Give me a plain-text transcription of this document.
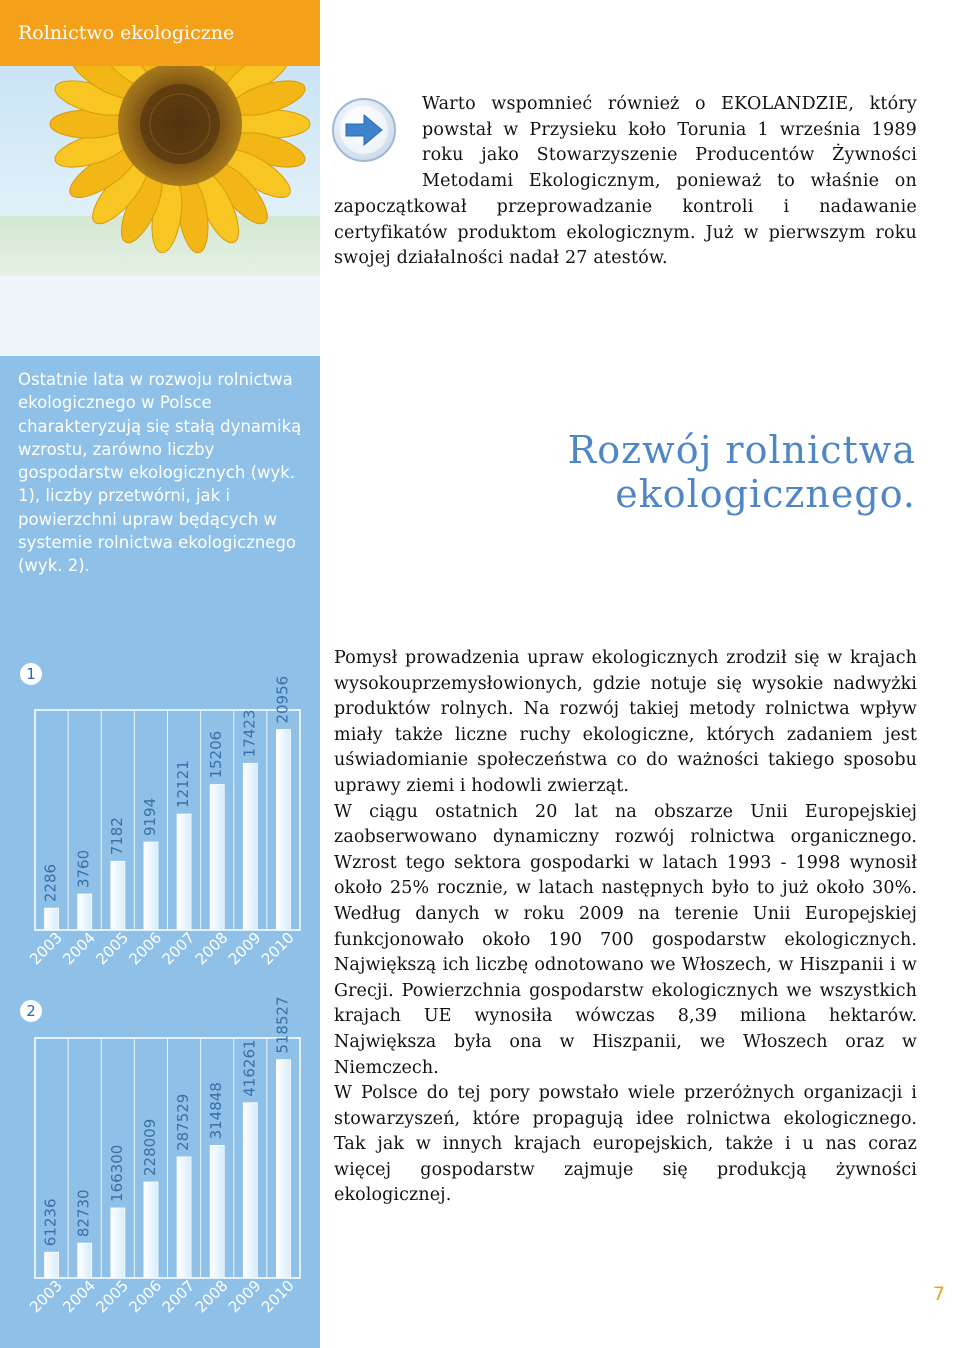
Rolnictwo ekologiczne
Ostatnie lata w rozwoju rolnictwa ekologicznego w Polsce charakteryzują się stałą dynamiką wzrostu, zarówno liczby gospodarstw ekologicznych (wyk. 1), liczby przetwórni, jak i powierzchni upraw będących w systemie rolnictwa ekologicznego (wyk. 2).
1
2286
2003
3760
2004
7182
2005
9194
2006
12121
2007
15206
2008
17423
2009
20956
2010
2
61236
2003
82730
2004
166300
2005
228009
2006
287529
2007
314848
2008
416261
2009
518527
2010
Warto wspomnieć również o EKOLANDZIE, który powstał w Przysieku koło Torunia 1 września 1989 roku jako Stowarzyszenie Producentów Żywności Metodami Ekologicznym, ponieważ to właśnie on zapoczątkował przeprowadzanie kontroli i nadawanie certyfikatów produktom ekologicznym. Już w pierwszym roku swojej działalności nadał 27 atestów.
Rozwój rolnictwa ekologicznego.

Pomysł prowadzenia upraw ekologicznych zrodził się w krajach wysokouprzemysłowionych, gdzie notuje się wysokie nadwyżki produktów rolnych. Na rozwój takiej metody rolnictwa wpływ miały także liczne ruchy ekologiczne, których zadaniem jest uświadomianie społeczeństwa co do ważności takiego sposobu uprawy ziemi i hodowli zwierząt.

W ciągu ostatnich 20 lat na obszarze Unii Europejskiej zaobserwowano dynamiczny rozwój rolnictwa organicznego. Wzrost tego sektora gospodarki w latach 1993 - 1998 wynosił około 25% rocznie, w latach następnych było to już około 30%. Według danych w roku 2009 na terenie Unii Europejskiej funkcjonowało około 190 700 gospodarstw ekologicznych. Największą ich liczbę odnotowano we Włoszech, w Hiszpanii i w Grecji. Powierzchnia gospodarstw ekologicznych we wszystkich krajach UE wynosiła wówczas 8,39 miliona hektarów. Największa była ona w Hiszpanii, we Włoszech oraz w Niemczech.

W Polsce do tej pory powstało wiele przeróżnych organizacji i stowarzyszeń, które propagują idee rolnictwa ekologicznego. Tak jak w innych krajach europejskich, także i u nas coraz więcej gospodarstw zajmuje się produkcją żywności ekologicznej.

7
